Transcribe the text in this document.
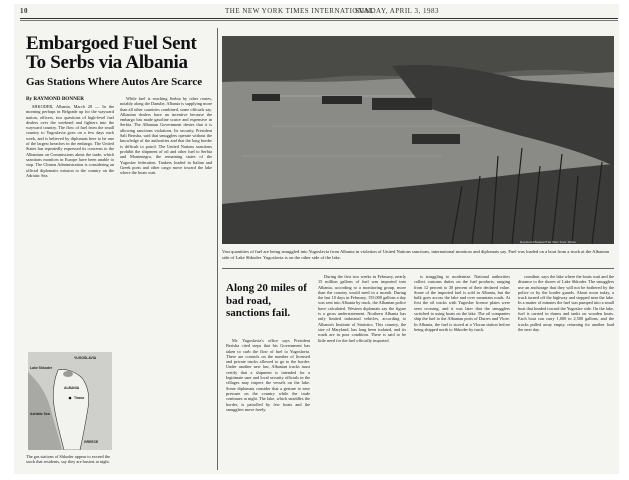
10	THE NEW YORK TIMES INTERNATIONAL
SUNDAY, APRIL 3, 1983
Embargoed Fuel Sent To Serbs via Albania
Gas Stations Where Autos Are Scarce
By RAYMOND BONNER

SHKODER, Albania, March 28 — In the morning perhaps in Belgrade up for the wayward nation, officers, two questions of high-level fuel dealers over the weekend and fighters into the wayward country. The flow of fuel from the small country to Yugoslavia goes on a few days each week, and is believed by diplomats here to be one of the largest breaches in the embargo. The United States has repeatedly expressed its concerns to the Albanians on Commissions about the trade, which sanctions monitors in Europe have been unable to stop. The Clinton Administration is considering an official diplomatic mission to the country on the Adriatic Sea.

While fuel is reaching Serbia by other routes, notably along the Danube, Albania is supplying more than all other countries combined, some officials say. Albanian dealers have an incentive because the embargo has made gasoline scarce and expensive in Serbia. The Albanian Government denies that it is allowing sanctions violations. Its security, President Sali Berisha, said that smugglers operate without the knowledge of the authorities and that the long border is difficult to patrol. The United Nations sanctions prohibit the shipment of oil and other fuel to Serbia and Montenegro, the remaining states of the Yugoslav federation. Tankers loaded in Italian and Greek ports and other cargo move toward the lake where the boats wait.

Raymond Bonner/The New York Times
Vast quantities of fuel are being smuggled into Yugoslavia from Albania in violation of United Nations sanctions, international monitors and diplomats say. Fuel was loaded on a boat from a truck at the Albanian side of Lake Shkoder. Yugoslavia is on the other side of the lake.
Along 20 miles of bad road, sanctions fail.

Mr. Yugoslavia's office says President Berisha cited steps that his Government has taken to curb the flow of fuel to Yugoslavia. There are controls on the number of licensed and private trucks allowed to go to the border. Under another new law, Albanian trucks must certify that a shipment is intended for a legitimate user and local security officials in the villages may inspect the vessels on the lake. Some diplomats consider that a gesture to ease pressure on the country while the trade continues at night. The lake, which straddles the border, is patrolled by few boats and the smugglers move freely.

During the first two weeks in February, nearly 15 million gallons of fuel was imported into Albania, according to a monitoring group, more than the country would need in a month. During the last 10 days in February, 155,000 gallons a day was sent into Albania by truck, the Albanian police have calculated. Western diplomats say the figure is a gross understatement. Northern Albania has only limited industrial vehicles, according to Albania's Institute of Statistics. This country, the size of Maryland, has long been isolated, and its roads are in poor condition. There is said to be little need for the fuel officially imported.

is struggling to modernize. National authorities collect customs duties on the fuel products, ranging from 12 percent to 30 percent of their declared value. Some of the imported fuel is sold in Albania, but the bulk goes across the lake and over mountain roads. At first the oil trucks with Yugoslav license plates were seen crossing, and it was later that the smugglers switched to using boats on the lake. The oil companies ship the fuel to the Albanian ports of Durres and Vlore. In Albania, the fuel is stored at a Vloran station before being shipped north to Shkoder by truck.

coastline, says the lake where the boats wait and the distance to the shores of Lake Shkoder. The smugglers use an anchorage that they will not be bothered by the police or by the border guards. About noon today, a truck turned off the highway and stopped near the lake. In a matter of minutes the fuel was pumped into a small boat that headed toward the Yugoslav side. On the lake, fuel is carried in drums and tanks on wooden boats. Each boat can carry 1,000 to 2,500 gallons, and the trucks pulled away empty, returning for another load the next day.

YUGOSLAVIA
Lake Shkoder
ALBANIA
Tirana
Adriatic Sea
GREECE
The gas stations of Shkoder appear to exceed the stock that residents, say they are busiest at night.
